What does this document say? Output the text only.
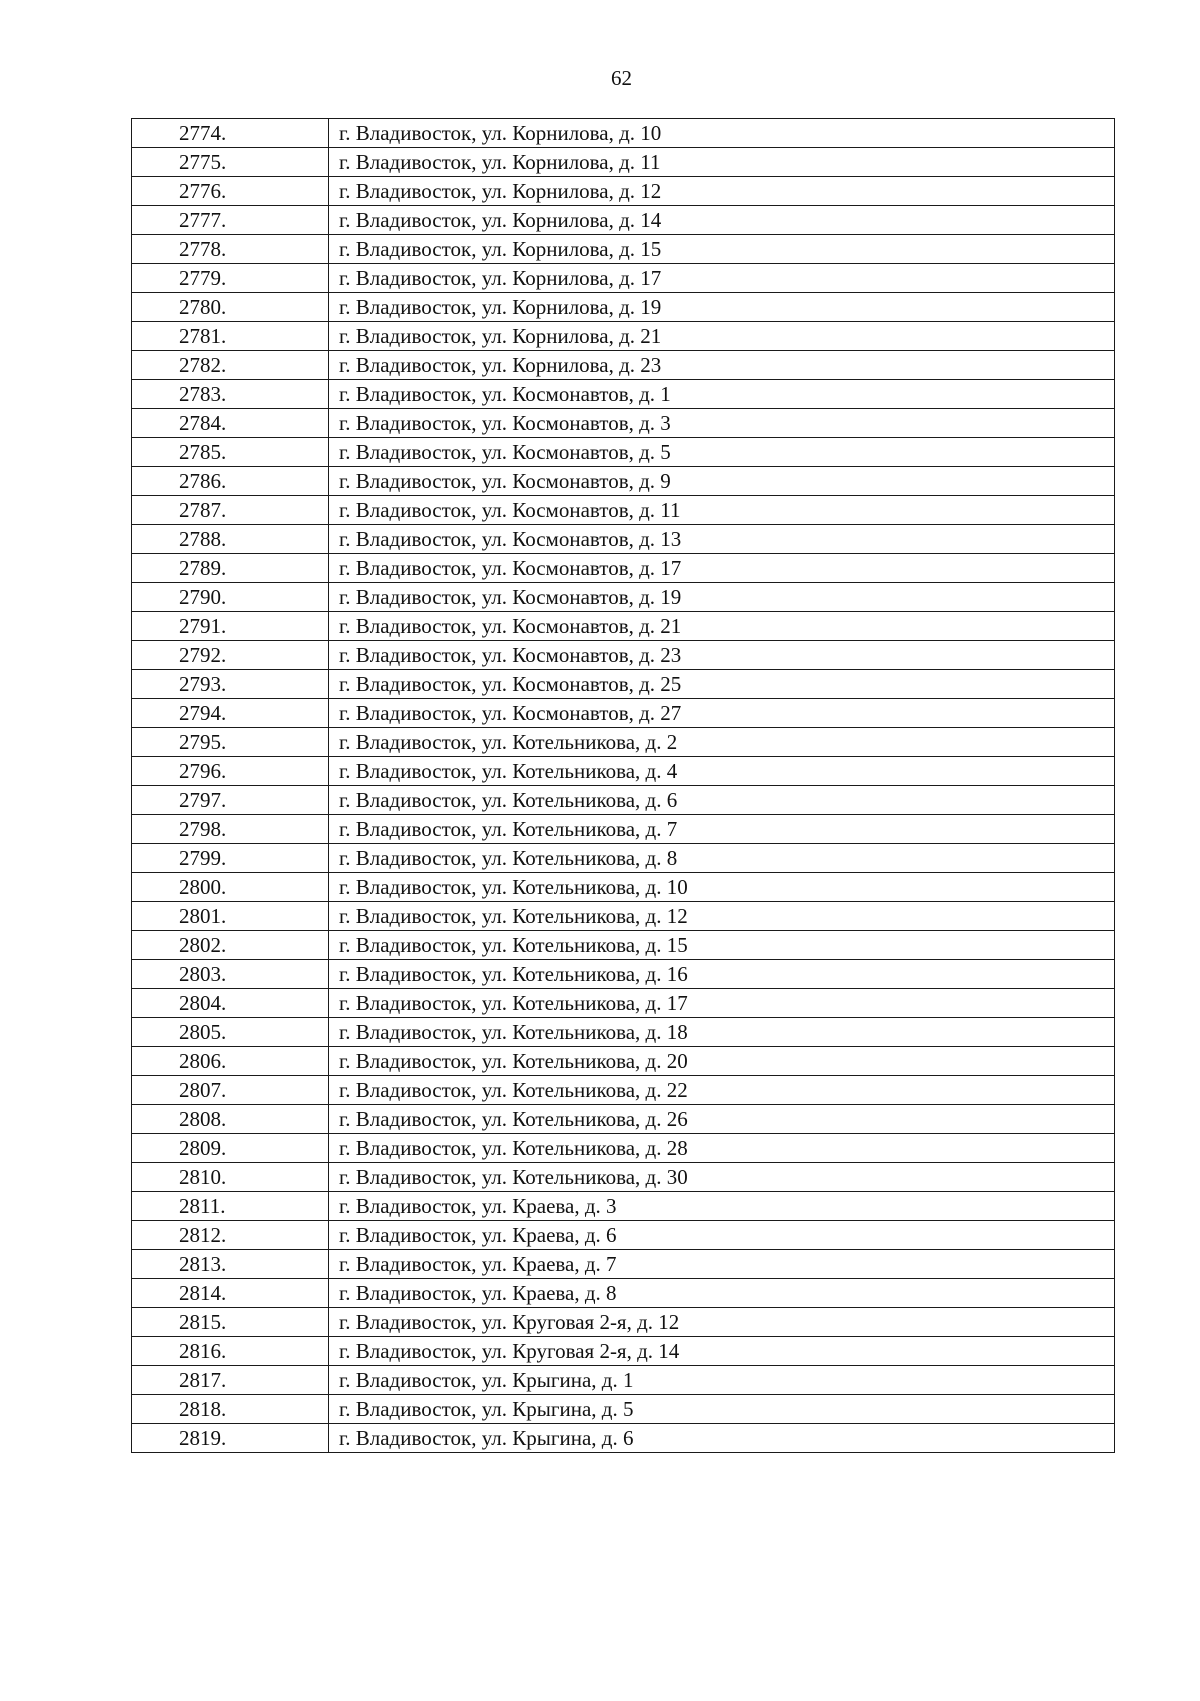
62
2774.	г. Владивосток, ул. Корнилова, д. 10
2775.	г. Владивосток, ул. Корнилова, д. 11
2776.	г. Владивосток, ул. Корнилова, д. 12
2777.	г. Владивосток, ул. Корнилова, д. 14
2778.	г. Владивосток, ул. Корнилова, д. 15
2779.	г. Владивосток, ул. Корнилова, д. 17
2780.	г. Владивосток, ул. Корнилова, д. 19
2781.	г. Владивосток, ул. Корнилова, д. 21
2782.	г. Владивосток, ул. Корнилова, д. 23
2783.	г. Владивосток, ул. Космонавтов, д. 1
2784.	г. Владивосток, ул. Космонавтов, д. 3
2785.	г. Владивосток, ул. Космонавтов, д. 5
2786.	г. Владивосток, ул. Космонавтов, д. 9
2787.	г. Владивосток, ул. Космонавтов, д. 11
2788.	г. Владивосток, ул. Космонавтов, д. 13
2789.	г. Владивосток, ул. Космонавтов, д. 17
2790.	г. Владивосток, ул. Космонавтов, д. 19
2791.	г. Владивосток, ул. Космонавтов, д. 21
2792.	г. Владивосток, ул. Космонавтов, д. 23
2793.	г. Владивосток, ул. Космонавтов, д. 25
2794.	г. Владивосток, ул. Космонавтов, д. 27
2795.	г. Владивосток, ул. Котельникова, д. 2
2796.	г. Владивосток, ул. Котельникова, д. 4
2797.	г. Владивосток, ул. Котельникова, д. 6
2798.	г. Владивосток, ул. Котельникова, д. 7
2799.	г. Владивосток, ул. Котельникова, д. 8
2800.	г. Владивосток, ул. Котельникова, д. 10
2801.	г. Владивосток, ул. Котельникова, д. 12
2802.	г. Владивосток, ул. Котельникова, д. 15
2803.	г. Владивосток, ул. Котельникова, д. 16
2804.	г. Владивосток, ул. Котельникова, д. 17
2805.	г. Владивосток, ул. Котельникова, д. 18
2806.	г. Владивосток, ул. Котельникова, д. 20
2807.	г. Владивосток, ул. Котельникова, д. 22
2808.	г. Владивосток, ул. Котельникова, д. 26
2809.	г. Владивосток, ул. Котельникова, д. 28
2810.	г. Владивосток, ул. Котельникова, д. 30
2811.	г. Владивосток, ул. Краева, д. 3
2812.	г. Владивосток, ул. Краева, д. 6
2813.	г. Владивосток, ул. Краева, д. 7
2814.	г. Владивосток, ул. Краева, д. 8
2815.	г. Владивосток, ул. Круговая 2-я, д. 12
2816.	г. Владивосток, ул. Круговая 2-я, д. 14
2817.	г. Владивосток, ул. Крыгина, д. 1
2818.	г. Владивосток, ул. Крыгина, д. 5
2819.	г. Владивосток, ул. Крыгина, д. 6
